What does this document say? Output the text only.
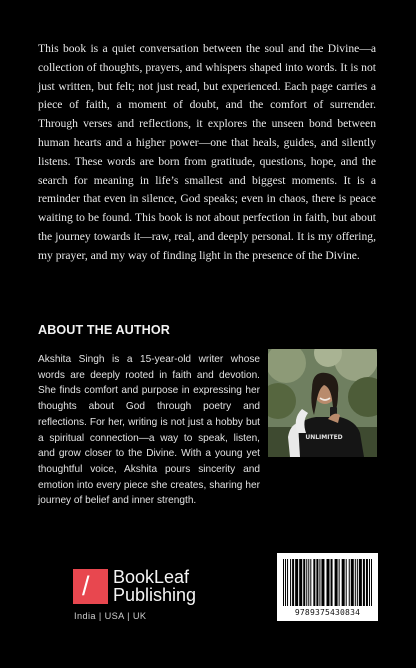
This book is a quiet conversation between the soul and the Divine—a collection of thoughts, prayers, and whispers shaped into words. It is not just written, but felt; not just read, but experienced. Each page carries a piece of faith, a moment of doubt, and the comfort of surrender. Through verses and reflections, it explores the unseen bond between human hearts and a higher power—one that heals, guides, and silently listens. These words are born from gratitude, questions, hope, and the search for meaning in life’s smallest and biggest moments. It is a reminder that even in silence, God speaks; even in chaos, there is peace waiting to be found. This book is not about perfection in faith, but about the journey towards it—raw, real, and deeply personal. It is my offering, my prayer, and my way of finding light in the presence of the Divine.

ABOUT THE AUTHOR

Akshita Singh is a 15-year-old writer whose words are deeply rooted in faith and devotion. She finds comfort and purpose in expressing her thoughts about God through poetry and reflections. For her, writing is not just a hobby but a spiritual connection—a way to speak, listen, and grow closer to the Divine. With a young yet thoughtful voice, Akshita pours sincerity and emotion into every piece she creates, sharing her journey of belief and inner strength.

UNLIMITED
/ BookLeaf
Publishing
India | USA | UK	9789375430834
